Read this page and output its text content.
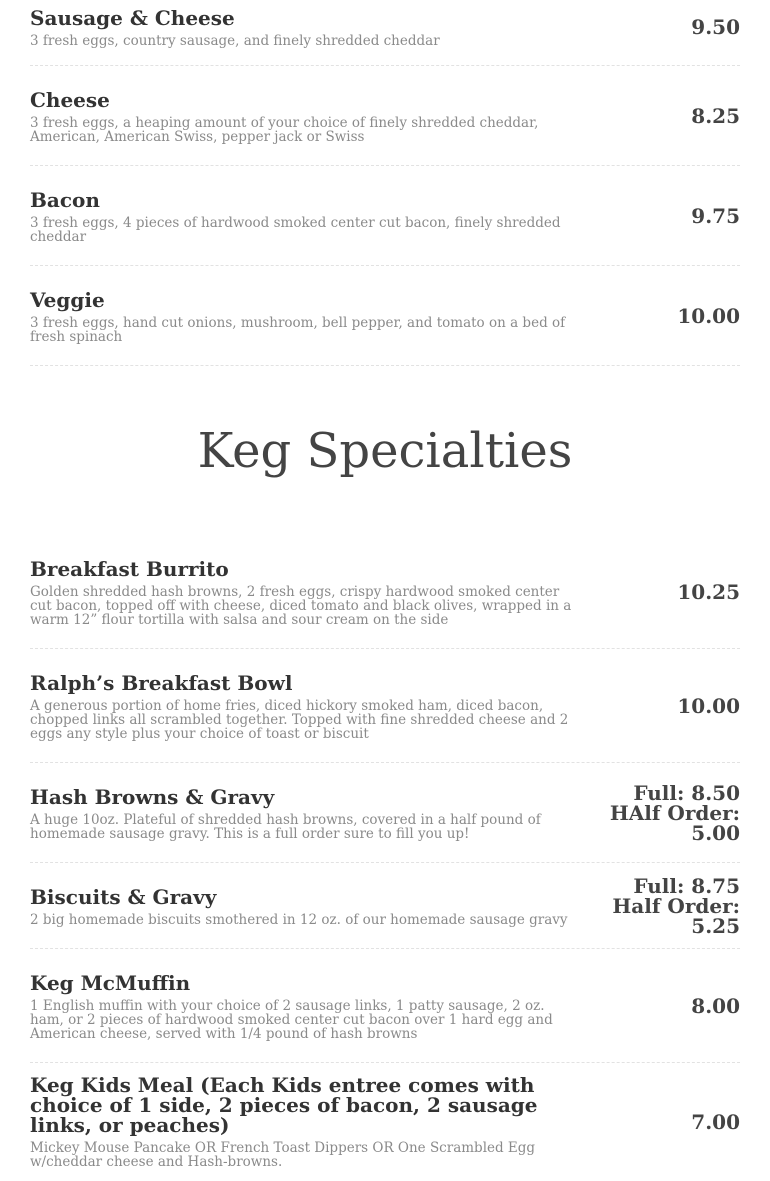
Sausage & Cheese
3 fresh eggs, country sausage, and finely shredded cheddar
9.50
Cheese
3 fresh eggs, a heaping amount of your choice of finely shredded cheddar, American, American Swiss, pepper jack or Swiss
8.25
Bacon
3 fresh eggs, 4 pieces of hardwood smoked center cut bacon, finely shredded cheddar
9.75
Veggie
3 fresh eggs, hand cut onions, mushroom, bell pepper, and tomato on a bed of fresh spinach
10.00
Keg Specialties
Breakfast Burrito
Golden shredded hash browns, 2 fresh eggs, crispy hardwood smoked center cut bacon, topped off with cheese, diced tomato and black olives, wrapped in a warm 12” flour tortilla with salsa and sour cream on the side
10.25
Ralph’s Breakfast Bowl
A generous portion of home fries, diced hickory smoked ham, diced bacon, chopped links all scrambled together. Topped with fine shredded cheese and 2 eggs any style plus your choice of toast or biscuit
10.00
Hash Browns & Gravy
A huge 10oz. Plateful of shredded hash browns, covered in a half pound of homemade sausage gravy. This is a full order sure to fill you up!
Full: 8.50 HAlf Order: 5.00
Biscuits & Gravy
2 big homemade biscuits smothered in 12 oz. of our homemade sausage gravy
Full: 8.75 Half Order: 5.25
Keg McMuffin
1 English muffin with your choice of 2 sausage links, 1 patty sausage, 2 oz. ham, or 2 pieces of hardwood smoked center cut bacon over 1 hard egg and American cheese, served with 1/4 pound of hash browns
8.00
Keg Kids Meal (Each Kids entree comes with choice of 1 side, 2 pieces of bacon, 2 sausage links, or peaches)
Mickey Mouse Pancake OR French Toast Dippers OR One Scrambled Egg w/cheddar cheese and Hash-browns.
7.00
